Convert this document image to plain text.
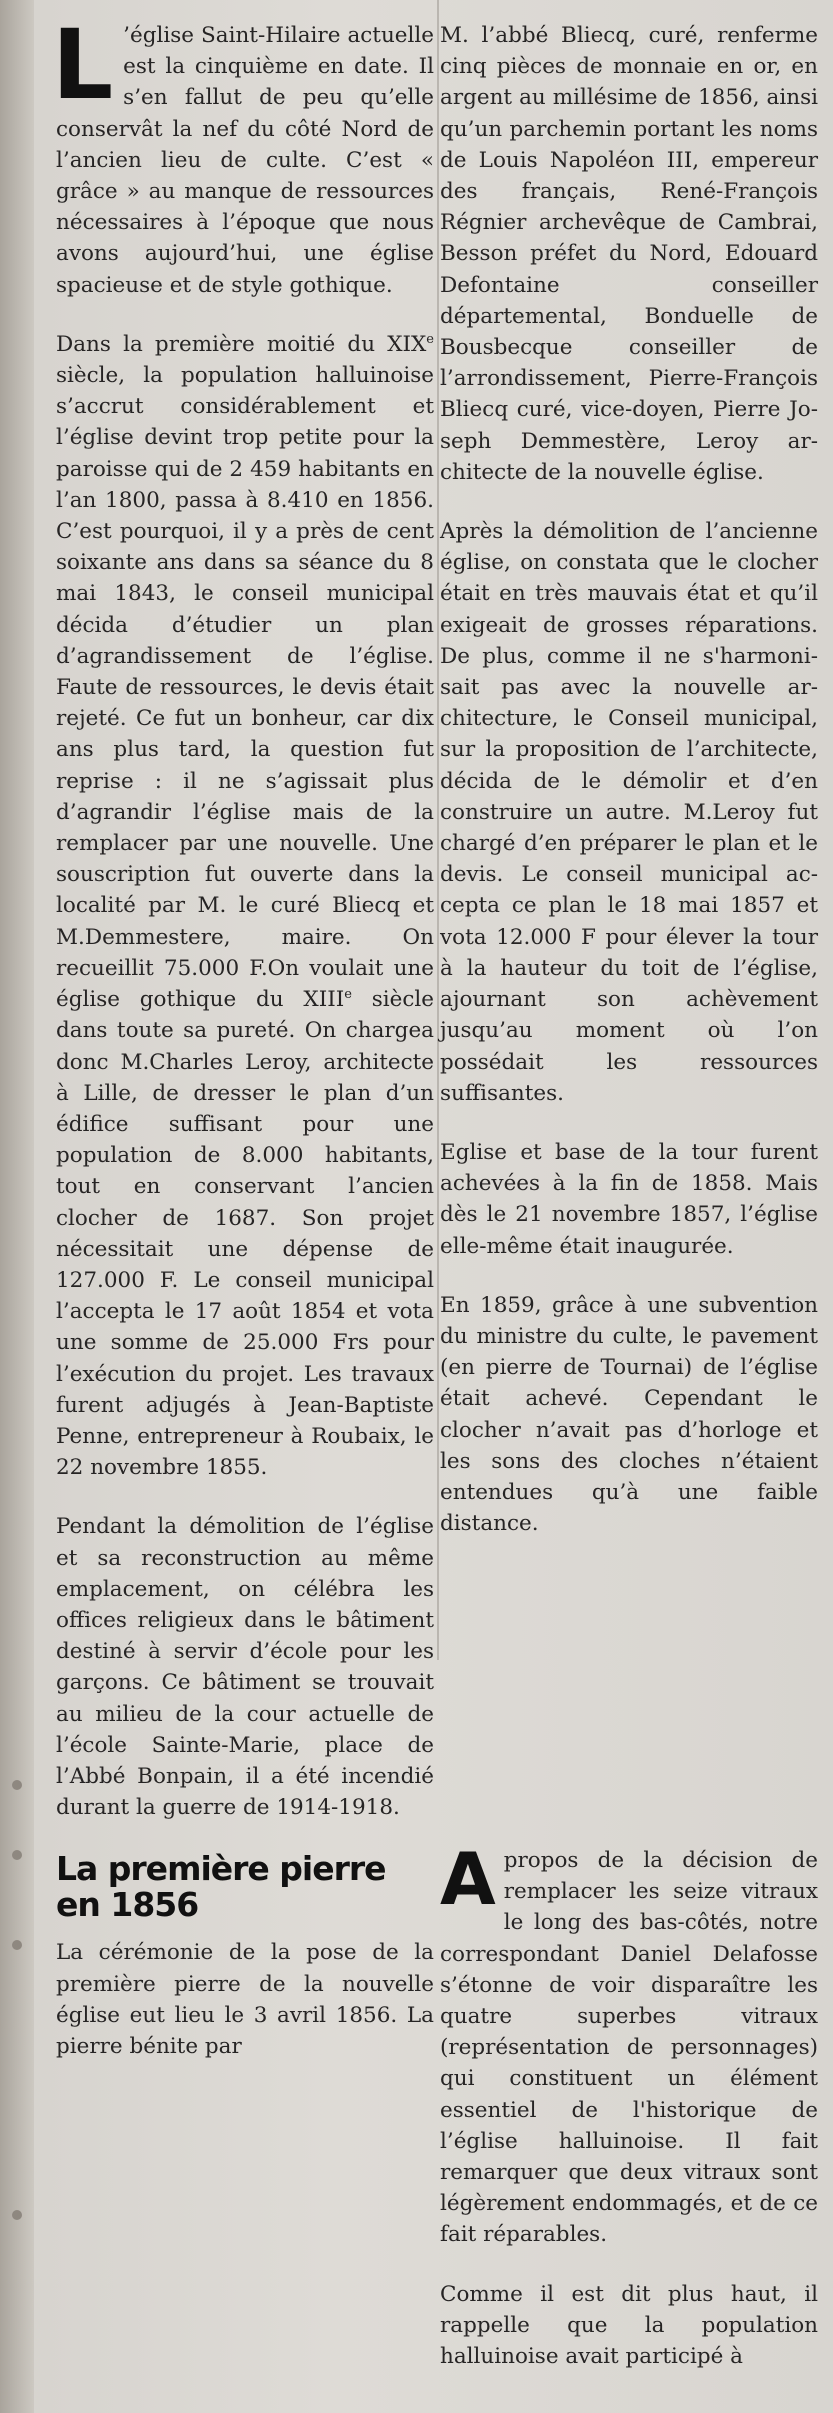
L ’église Saint-Hilaire actuelle est la cinquième en date. Il s’en fallut de peu qu’elle conservât la nef du côté Nord de l’ancien lieu de culte. C’est « grâce » au manque de ressources nécessaires à l’époque que nous avons aujourd’hui, une église spacieuse et de style gothique.

Dans la première moitié du XIXe siècle, la population halluinoise s’accrut considérablement et l’église devint trop petite pour la paroisse qui de 2 459 habitants en l’an 1800, passa à 8.410 en 1856. C’est pourquoi, il y a près de cent soixante ans dans sa séance du 8 mai 1843, le conseil municipal décida d’étudier un plan d’agrandissement de l’église. Faute de ressources, le devis était rejeté. Ce fut un bonheur, car dix ans plus tard, la question fut reprise : il ne s’agissait plus d’agrandir l’église mais de la remplacer par une nouvelle. Une souscription fut ouverte dans la localité par M. le curé Bliecq et M.Demmestere, maire. On recueillit 75.000 F.On voulait une église gothique du XIIIe siècle dans toute sa pureté. On chargea donc M.Charles Leroy, architecte à Lille, de dresser le plan d’un édifice suffisant pour une population de 8.000 habitants, tout en conservant l’ancien clocher de 1687. Son projet nécessitait une dépense de 127.000 F. Le conseil municipal l’accepta le 17 août 1854 et vota une somme de 25.000 Frs pour l’exécution du projet. Les travaux furent adjugés à Jean-Baptiste Penne, entrepreneur à Roubaix, le 22 novembre 1855.

Pendant la démolition de l’église et sa reconstruction au même emplacement, on célébra les offices religieux dans le bâtiment destiné à servir d’école pour les garçons. Ce bâtiment se trouvait au milieu de la cour actuelle de l’école Sainte-Marie, place de l’Abbé Bonpain, il a été incendié durant la guerre de 1914-1918.

La première pierre
en 1856

La cérémonie de la pose de la première pierre de la nouvelle église eut lieu le 3 avril 1856. La pierre bénite par

M. l’abbé Bliecq, curé, renferme cinq pièces de monnaie en or, en argent au millésime de 1856, ainsi qu’un parchemin portant les noms de Louis Napoléon III, empereur des français, René-François Régnier archevêque de Cambrai, Besson préfet du Nord, Edouard Defontaine conseiller départemental, Bonduelle de Bousbecque conseiller de l’arrondissement, Pierre-François Bliecq curé, vice-doyen, Pierre Joseph Demmestère, Leroy architecte de la nouvelle église.

Après la démolition de l’ancienne église, on constata que le clocher était en très mauvais état et qu’il exigeait de grosses réparations. De plus, comme il ne s'harmonisait pas avec la nouvelle architecture, le Conseil municipal, sur la proposition de l’architecte, décida de le démolir et d’en construire un autre. M.Leroy fut chargé d’en préparer le plan et le devis. Le conseil municipal accepta ce plan le 18 mai 1857 et vota 12.000 F pour élever la tour à la hauteur du toit de l’église, ajournant son achèvement jusqu’au moment où l’on possédait les ressources suffisantes.

Eglise et base de la tour furent achevées à la fin de 1858. Mais dès le 21 novembre 1857, l’église elle-même était inaugurée.

En 1859, grâce à une subvention du ministre du culte, le pavement (en pierre de Tournai) de l’église était achevé. Cependant le clocher n’avait pas d’horloge et les sons des cloches n’étaient entendues qu’à une faible distance.

Apropos de la décision de remplacer les seize vitraux le long des bas-côtés, notre correspondant Daniel Delafosse s’étonne de voir disparaître les quatre superbes vitraux (représentation de personnages) qui constituent un élément essentiel de l'historique de l’église halluinoise. Il fait remarquer que deux vitraux sont légèrement endommagés, et de ce fait réparables.

Comme il est dit plus haut, il rappelle que la population halluinoise avait participé à
